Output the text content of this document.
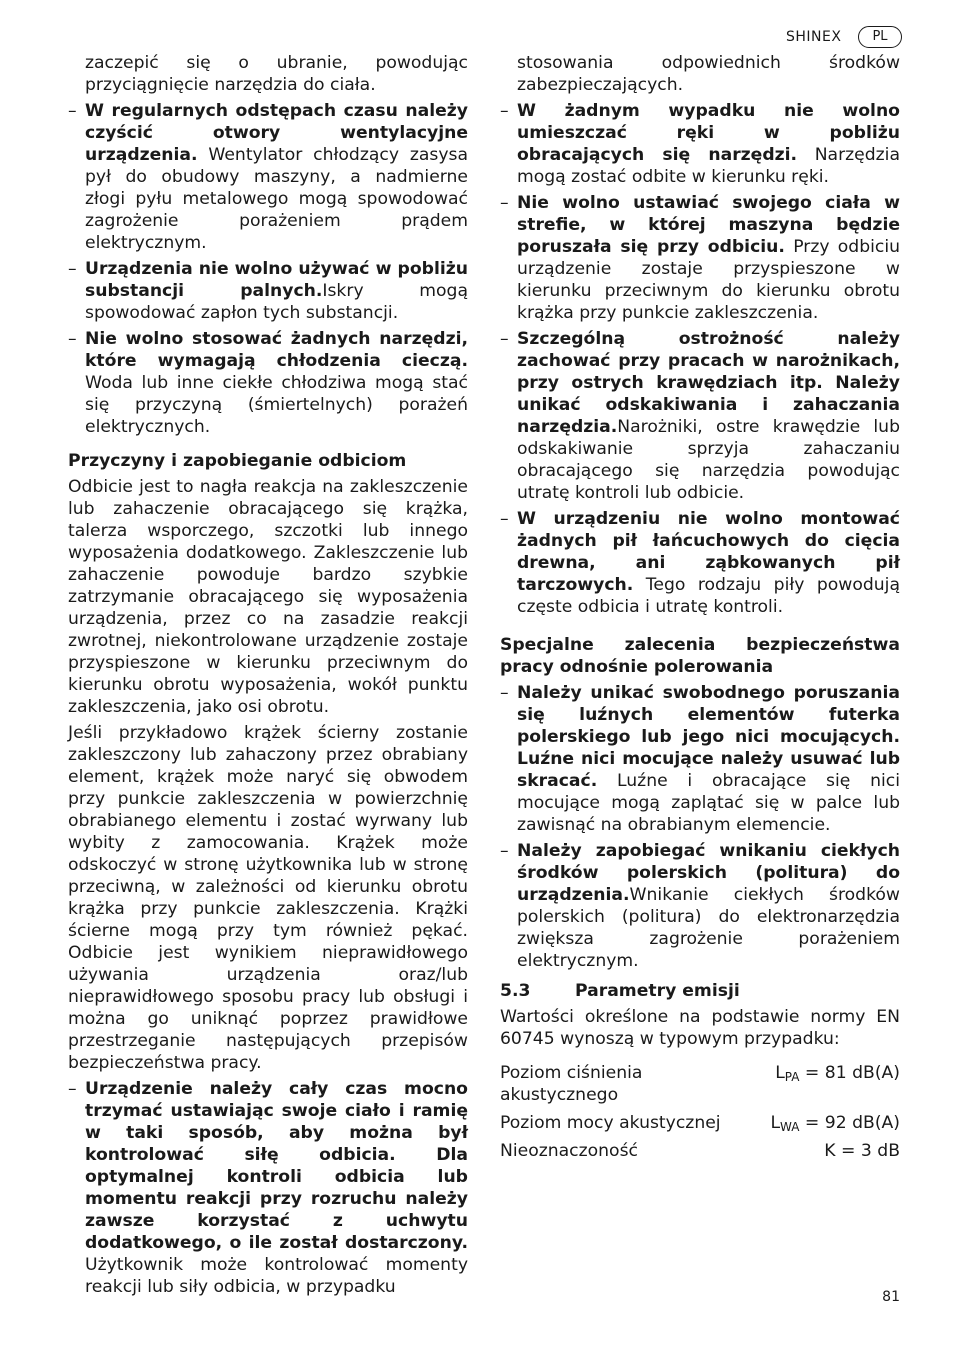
SHINEX	PL

zaczepić się o ubranie, powodując przyciągnięcie narzędzia do ciała.

– W regularnych odstępach czasu należy czyścić otwory wentylacyjne urządzenia. Wentylator chłodzący zasysa pył do obudowy maszyny, a nadmierne złogi pyłu metalowego mogą spowodować zagrożenie porażeniem prądem elektrycznym.
– Urządzenia nie wolno używać w pobliżu substancji palnych.Iskry mogą spowodować zapłon tych substancji.
– Nie wolno stosować żadnych narzędzi, które wymagają chłodzenia cieczą. Woda lub inne ciekłe chłodziwa mogą stać się przyczyną (śmiertelnych) porażeń elektrycznych.
Przyczyny i zapobieganie odbiciom

Odbicie jest to nagła reakcja na zakleszczenie lub zahaczenie obracającego się krążka, talerza wsporczego, szczotki lub innego wyposażenia dodatkowego. Zakleszczenie lub zahaczenie powoduje bardzo szybkie zatrzymanie obracającego się wyposażenia urządzenia, przez co na zasadzie reakcji zwrotnej, niekontrolowane urządzenie zostaje przyspieszone w kierunku przeciwnym do kierunku obrotu wyposażenia, wokół punktu zakleszczenia, jako osi obrotu.

Jeśli przykładowo krążek ścierny zostanie zakleszczony lub zahaczony przez obrabiany element, krążek może naryć się obwodem przy punkcie zakleszczenia w powierzchnię obrabianego elementu i zostać wyrwany lub wybity z zamocowania. Krążek może odskoczyć w stronę użytkownika lub w stronę przeciwną, w zależności od kierunku obrotu krążka przy punkcie zakleszczenia. Krążki ścierne mogą przy tym również pękać. Odbicie jest wynikiem nieprawidłowego używania urządzenia oraz/lub nieprawidłowego sposobu pracy lub obsługi i można go uniknąć poprzez prawidłowe przestrzeganie następujących przepisów bezpieczeństwa pracy.

– Urządzenie należy cały czas mocno trzymać ustawiając swoje ciało i ramię w taki sposób, aby można był kontrolować siłę odbicia. Dla optymalnej kontroli odbicia lub momentu reakcji przy rozruchu należy zawsze korzystać z uchwytu dodatkowego, o ile został dostarczony. Użytkownik może kontrolować momenty reakcji lub siły odbicia, w przypadku

stosowania odpowiednich środków zabezpieczających.

– W żadnym wypadku nie wolno umieszczać ręki w pobliżu obracających się narzędzi. Narzędzia mogą zostać odbite w kierunku ręki.
– Nie wolno ustawiać swojego ciała w strefie, w której maszyna będzie poruszała się przy odbiciu. Przy odbiciu urządzenie zostaje przyspieszone w kierunku przeciwnym do kierunku obrotu krążka przy punkcie zakleszczenia.
– Szczególną ostrożność należy zachować przy pracach w narożnikach, przy ostrych krawędziach itp. Należy unikać odskakiwania i zahaczania narzędzia.Narożniki, ostre krawędzie lub odskakiwanie sprzyja zahaczaniu obracającego się narzędzia powodując utratę kontroli lub odbicie.
– W urządzeniu nie wolno montować żadnych pił łańcuchowych do cięcia drewna, ani ząbkowanych pił tarczowych. Tego rodzaju piły powodują częste odbicia i utratę kontroli.
Specjalne zalecenia bezpieczeństwa pracy odnośnie polerowania
– Należy unikać swobodnego poruszania się luźnych elementów futerka polerskiego lub jego nici mocujących. Luźne nici mocujące należy usuwać lub skracać. Luźne i obracające się nici mocujące mogą zaplątać się w palce lub zawisnąć na obrabianym elemencie.
– Należy zapobiegać wnikaniu ciekłych środków polerskich (politura) do urządzenia.Wnikanie ciekłych środków polerskich (politura) do elektronarzędzia zwiększa zagrożenie porażeniem elektrycznym.
5.3	Parametry emisji

Wartości określone na podstawie normy EN 60745 wynoszą w typowym przypadku:

Poziom ciśnienia akustycznego	$L_{PA} = 81$ dB(A)
Poziom mocy akustycznej	$L_{WA} = 92$ dB(A)
Nieoznaczoność	K = 3 dB
81
